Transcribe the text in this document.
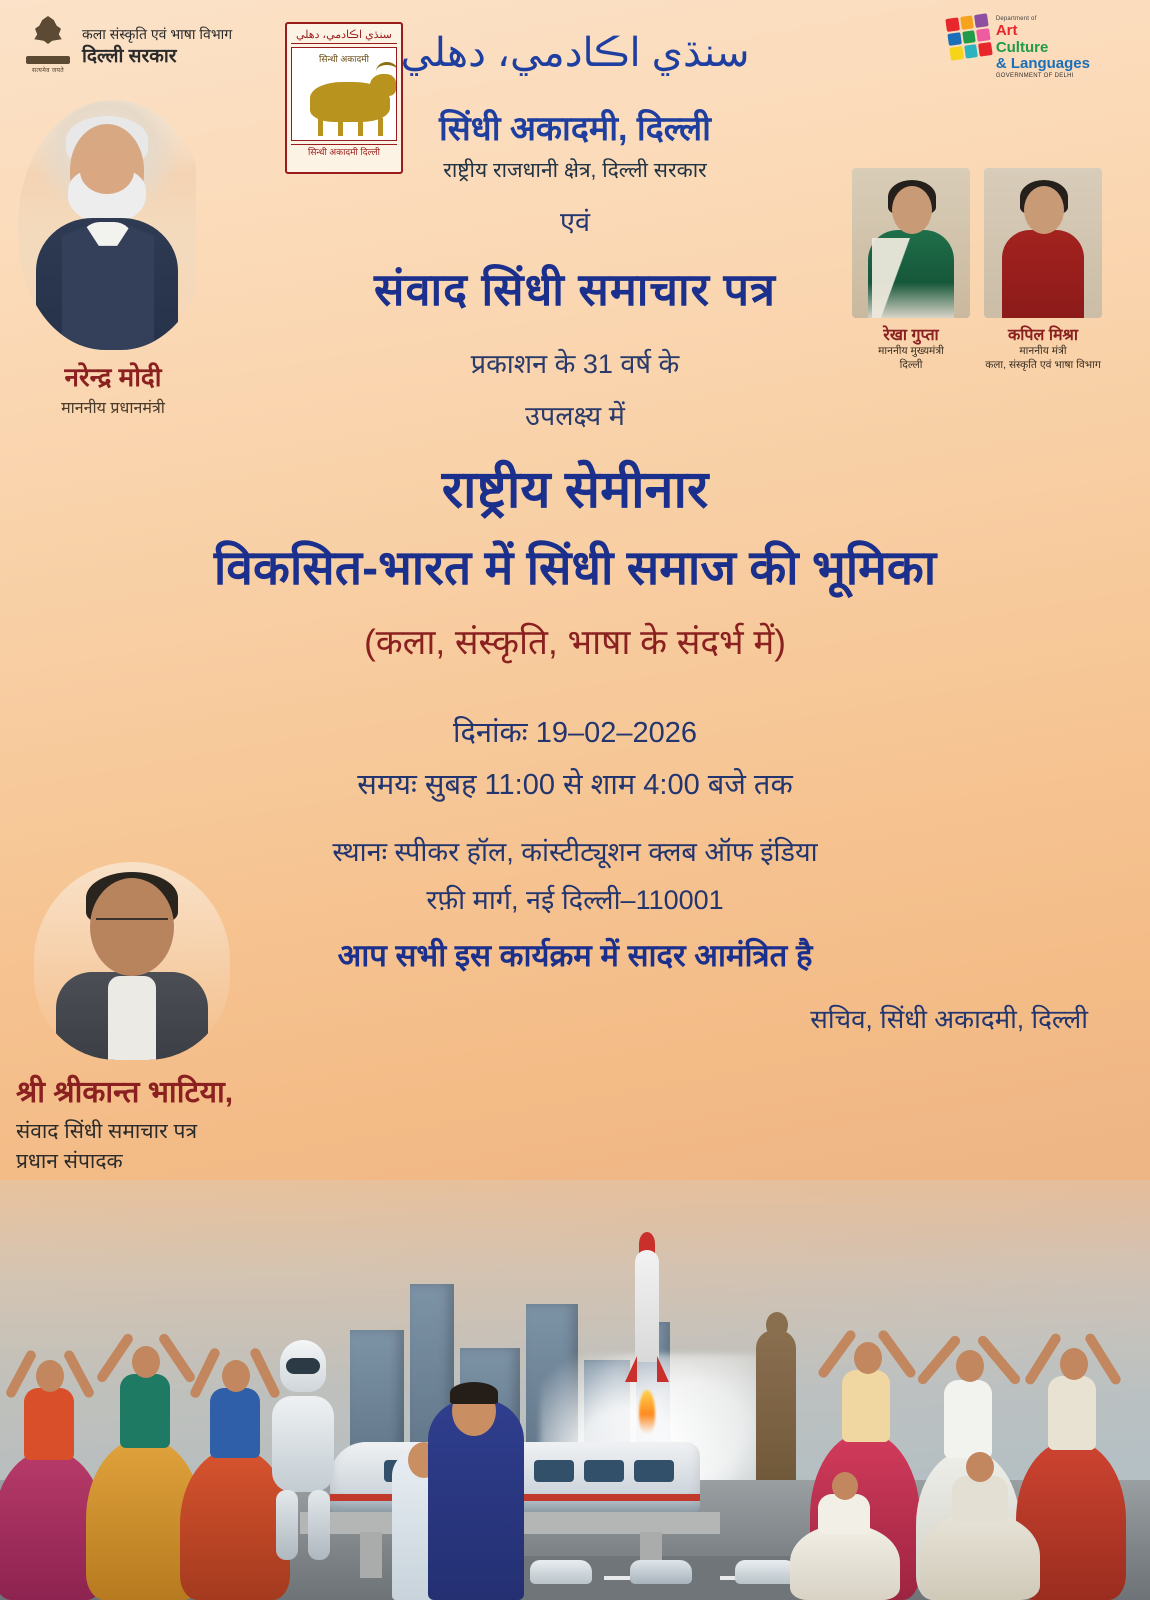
सत्यमेव जयते
कला संस्कृति एवं भाषा विभाग
दिल्ली सरकार
سنڌي اڪادمي، دهلي
सिन्धी अकादमी
सिन्धी अकादमी दिल्ली
Department of
Art
Culture
& Languages
GOVERNMENT OF DELHI
नरेन्द्र मोदी
माननीय प्रधानमंत्री
रेखा गुप्ता
माननीय मुख्यमंत्री
दिल्ली
कपिल मिश्रा
माननीय मंत्री
कला, संस्कृति एवं भाषा विभाग
سنڌي اڪادمي، دهلي
सिंधी अकादमी, दिल्ली
राष्ट्रीय राजधानी क्षेत्र, दिल्ली सरकार
एवं
संवाद सिंधी समाचार पत्र
प्रकाशन के 31 वर्ष के
उपलक्ष्य में
राष्ट्रीय सेमीनार
विकसित-भारत में सिंधी समाज की भूमिका
(कला, संस्कृति, भाषा के संदर्भ में)
दिनांकः 19–02–2026
समयः सुबह 11:00 से शाम 4:00 बजे तक
स्थानः स्पीकर हॉल, कांस्टीट्यूशन क्लब ऑफ इंडिया
रफ़ी मार्ग, नई दिल्ली–110001
आप सभी इस कार्यक्रम में सादर आमंत्रित है
सचिव, सिंधी अकादमी, दिल्ली
श्री श्रीकान्त भाटिया,
संवाद सिंधी समाचार पत्र
प्रधान संपादक
